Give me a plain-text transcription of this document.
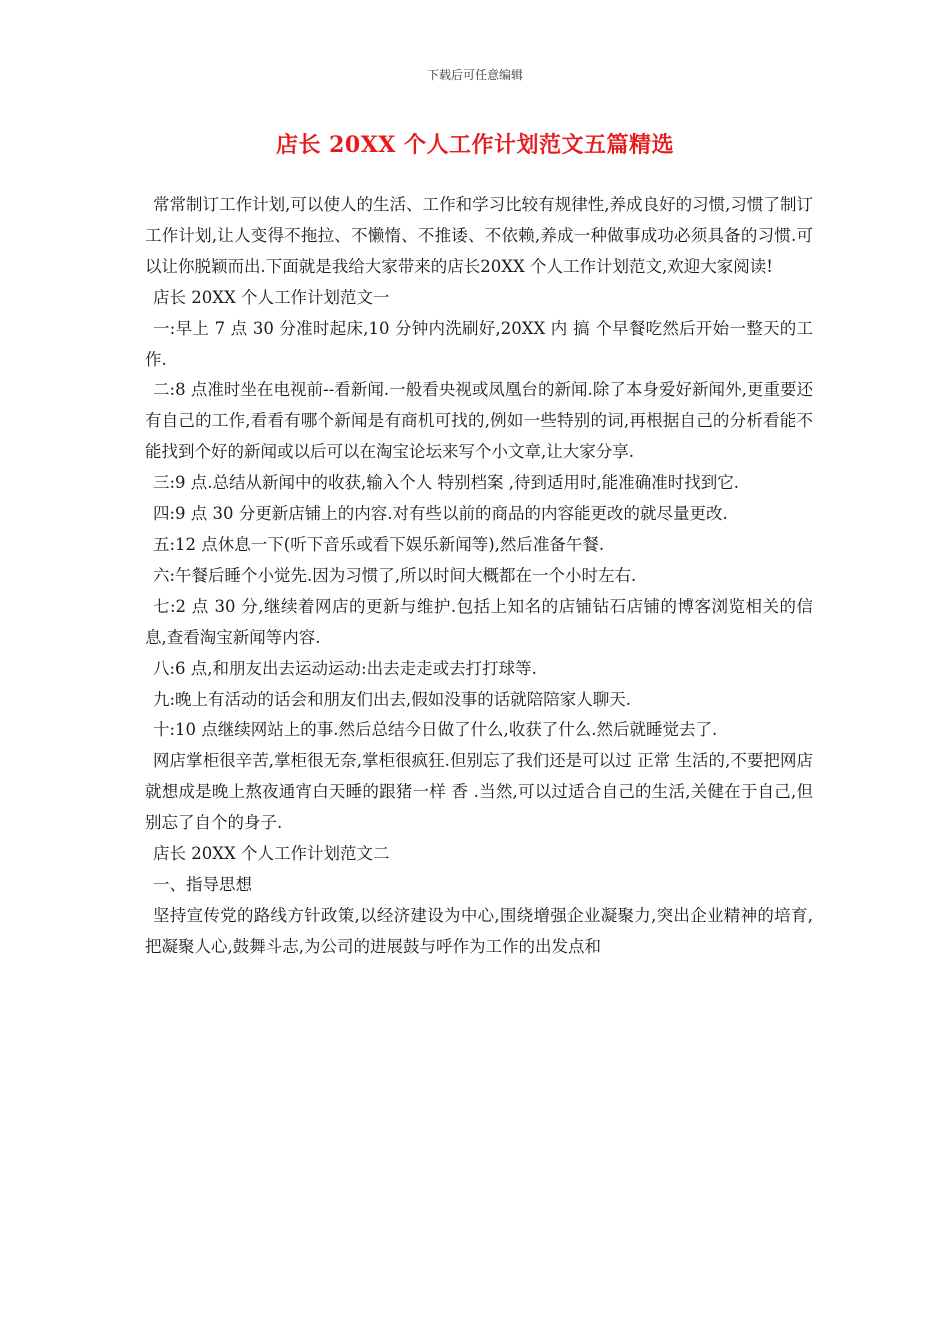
下载后可任意编辑
店长 20XX 个人工作计划范文五篇精选

常常制订工作计划,可以使人的生活、工作和学习比较有规律性,养成良好的习惯,习惯了制订工作计划,让人变得不拖拉、不懒惰、不推诿、不依赖,养成一种做事成功必须具备的习惯.可以让你脱颖而出.下面就是我给大家带来的店长20XX 个人工作计划范文,欢迎大家阅读!

店长 20XX 个人工作计划范文一

一:早上 7 点 30 分准时起床,10 分钟内洗刷好,20XX 内 搞 个早餐吃然后开始一整天的工作.

二:8 点准时坐在电视前--看新闻.一般看央视或凤凰台的新闻.除了本身爱好新闻外,更重要还有自己的工作,看看有哪个新闻是有商机可找的,例如一些特别的词,再根据自己的分析看能不能找到个好的新闻或以后可以在淘宝论坛来写个小文章,让大家分享.

三:9 点.总结从新闻中的收获,输入个人 特别档案 ,待到适用时,能准确准时找到它.

四:9 点 30 分更新店铺上的内容.对有些以前的商品的内容能更改的就尽量更改.

五:12 点休息一下(听下音乐或看下娱乐新闻等),然后准备午餐.

六:午餐后睡个小觉先.因为习惯了,所以时间大概都在一个小时左右.

七:2 点 30 分,继续着网店的更新与维护.包括上知名的店铺钻石店铺的博客浏览相关的信息,查看淘宝新闻等内容.

八:6 点,和朋友出去运动运动:出去走走或去打打球等.

九:晚上有活动的话会和朋友们出去,假如没事的话就陪陪家人聊天.

十:10 点继续网站上的事.然后总结今日做了什么,收获了什么.然后就睡觉去了.

网店掌柜很辛苦,掌柜很无奈,掌柜很疯狂.但别忘了我们还是可以过 正常 生活的,不要把网店就想成是晚上熬夜通宵白天睡的跟猪一样 香 .当然,可以过适合自己的生活,关健在于自己,但别忘了自个的身子.

店长 20XX 个人工作计划范文二

一、指导思想

坚持宣传党的路线方针政策,以经济建设为中心,围绕增强企业凝聚力,突出企业精神的培育,把凝聚人心,鼓舞斗志,为公司的进展鼓与呼作为工作的出发点和
